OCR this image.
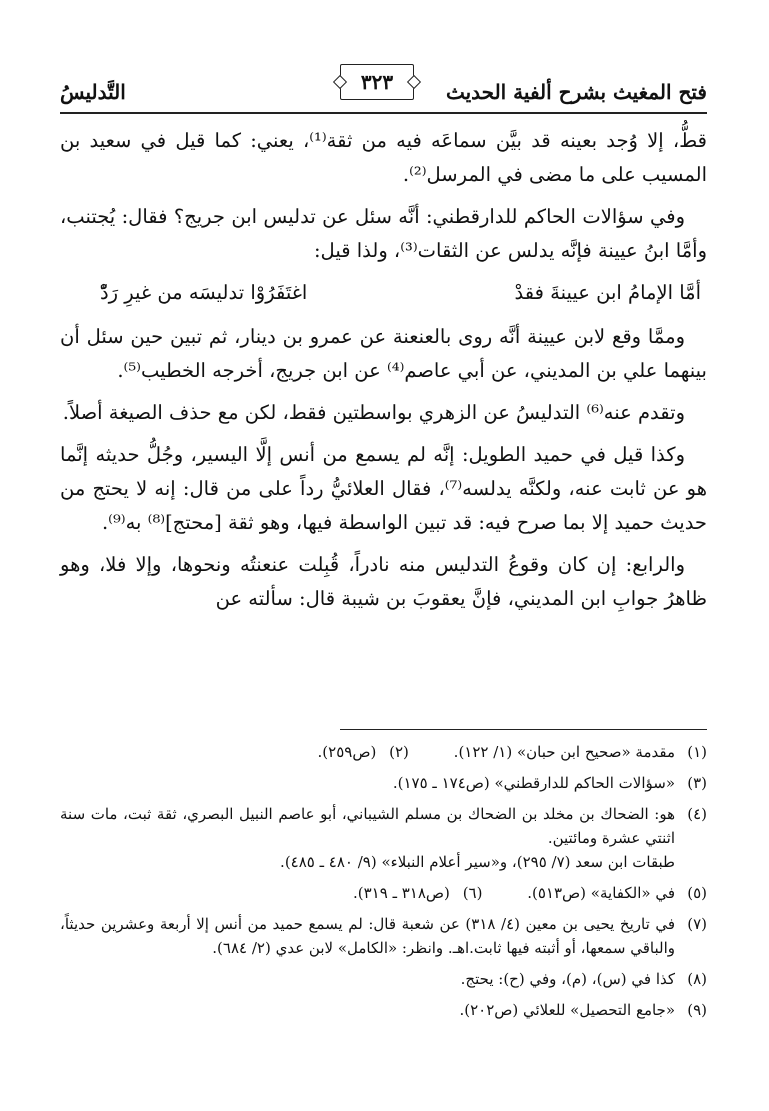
فتح المغيث بشرح ألفية الحديث
التَّدليسُ	٣٢٣

قطُّ، إلا وُجد بعينه قد بيَّن سماعَه فيه من ثقة⁽¹⁾، يعني: كما قيل في سعيد بن المسيب على ما مضى في المرسل⁽²⁾.

وفي سؤالات الحاكم للدارقطني: أنَّه سئل عن تدليس ابن جريج؟ فقال: يُجتنب، وأمَّا ابنُ عيينة فإنَّه يدلس عن الثقات⁽³⁾، ولذا قيل:

أمَّا الإمامُ ابن عيينةَ فقدْ
اغتَفَرُوْا تدليسَه من غيرِ رَدّْ

وممَّا وقع لابن عيينة أنَّه روى بالعنعنة عن عمرو بن دينار، ثم تبين حين سئل أن بينهما علي بن المديني، عن أبي عاصم⁽⁴⁾ عن ابن جريج، أخرجه الخطيب⁽⁵⁾.

وتقدم عنه⁽⁶⁾ التدليسُ عن الزهري بواسطتين فقط، لكن مع حذف الصيغة أصلاً.

وكذا قيل في حميد الطويل: إنَّه لم يسمع من أنس إلَّا اليسير، وجُلُّ حديثه إنَّما هو عن ثابت عنه، ولكنَّه يدلسه⁽⁷⁾، فقال العلائيُّ رداً على من قال: إنه لا يحتج من حديث حميد إلا بما صرح فيه: قد تبين الواسطة فيها، وهو ثقة [محتج]⁽⁸⁾ به⁽⁹⁾.

والرابع: إن كان وقوعُ التدليس منه نادراً، قُبِلت عنعنتُه ونحوها، وإلا فلا، وهو ظاهرُ جوابِ ابن المديني، فإنَّ يعقوبَ بن شيبة قال: سألته عن

(١)
مقدمة «صحيح ابن حبان» (١/ ١٢٢). (٢) (ص٢٥٩).
(٣)
«سؤالات الحاكم للدارقطني» (ص١٧٤ ـ ١٧٥).
(٤)
هو: الضحاك بن مخلد بن الضحاك بن مسلم الشيباني، أبو عاصم النبيل البصري، ثقة ثبت، مات سنة اثنتي عشرة ومائتين.
طبقات ابن سعد (٧/ ٢٩٥)، و«سير أعلام النبلاء» (٩/ ٤٨٠ ـ ٤٨٥).
(٥)
في «الكفاية» (ص٥١٣). (٦) (ص٣١٨ ـ ٣١٩).
(٧)
في تاريخ يحيى بن معين (٤/ ٣١٨) عن شعبة قال: لم يسمع حميد من أنس إلا أربعة وعشرين حديثاً، والباقي سمعها، أو أثبته فيها ثابت.اهـ. وانظر: «الكامل» لابن عدي (٢/ ٦٨٤).
(٨)
كذا في (س)، (م)، وفي (ح): يحتج.
(٩)
«جامع التحصيل» للعلائي (ص٢٠٢).
